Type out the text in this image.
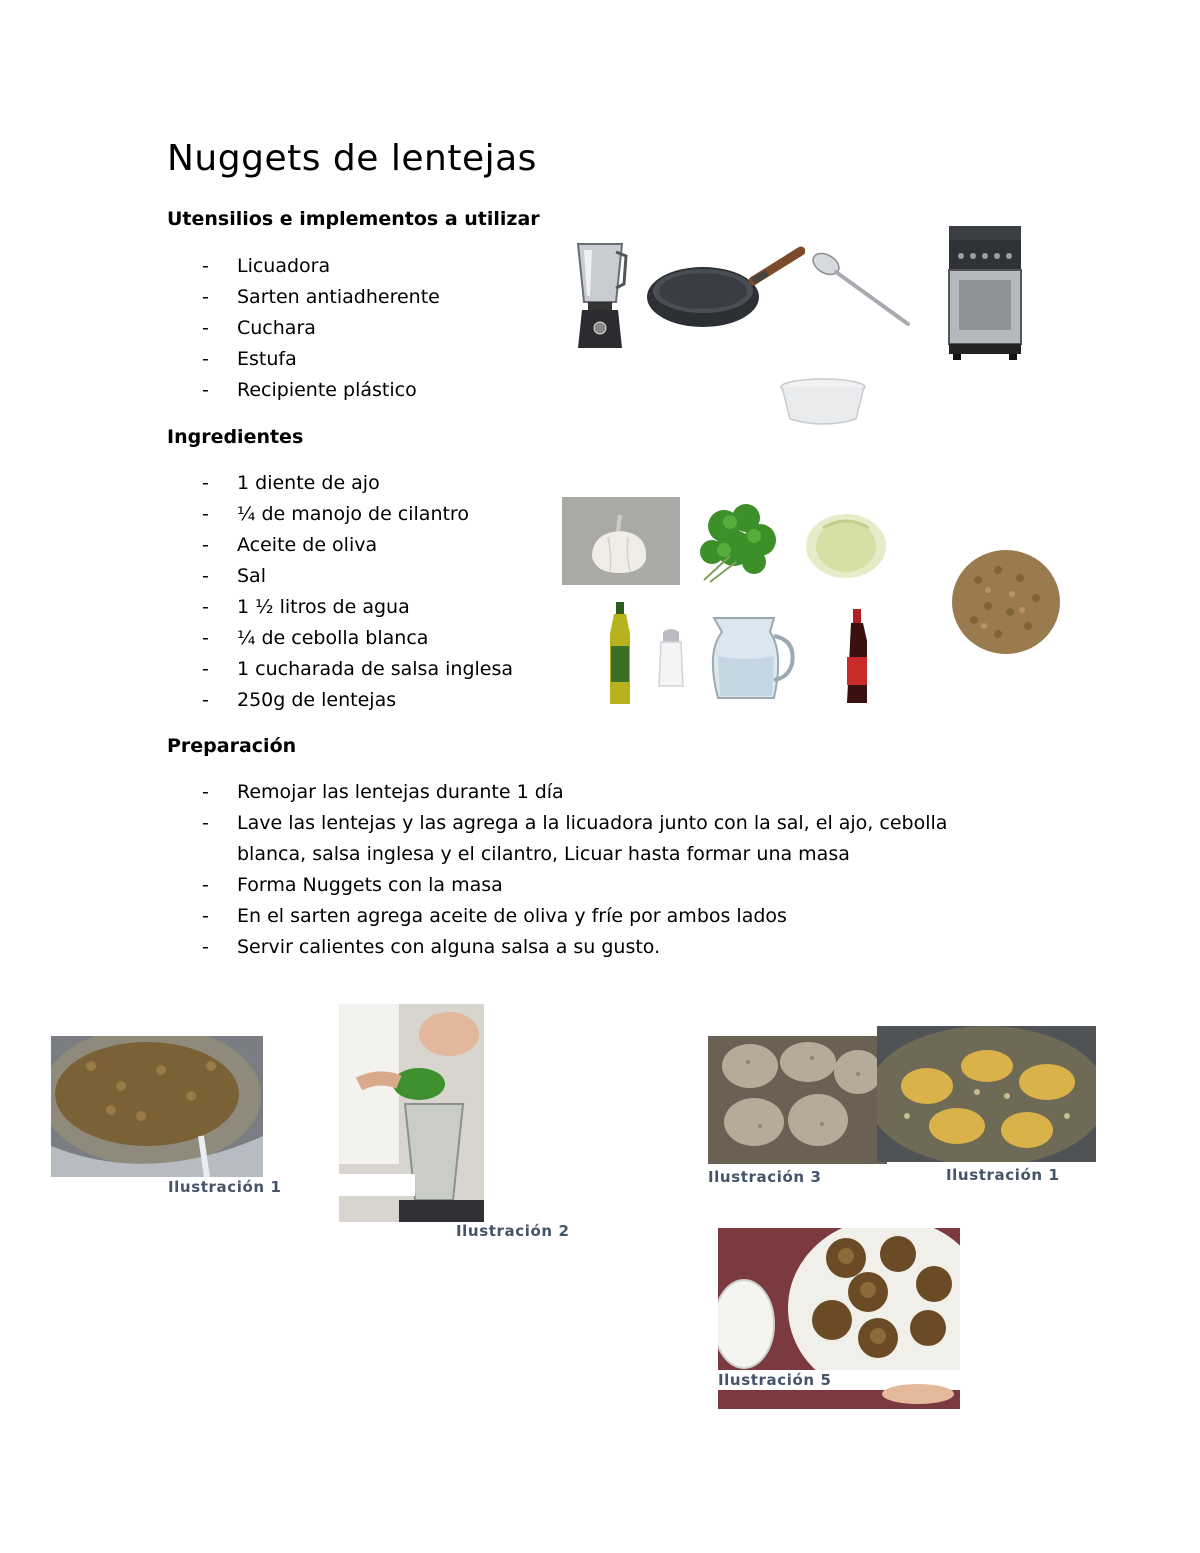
Nuggets de lentejas
Utensilios e implementos a utilizar
- Licuadora
- Sarten antiadherente
- Cuchara
- Estufa
- Recipiente plástico
Ingredientes
- 1 diente de ajo
- ¼ de manojo de cilantro
- Aceite de oliva
- Sal
- 1 ½ litros de agua
- ¼ de cebolla blanca
- 1 cucharada de salsa inglesa
- 250g de lentejas
Preparación
- Remojar las lentejas durante 1 día
- Lave las lentejas y las agrega a la licuadora junto con la sal, el ajo, cebolla blanca, salsa inglesa y el cilantro, Licuar hasta formar una masa
- Forma Nuggets con la masa
- En el sarten agrega aceite de oliva y fríe por ambos lados
- Servir calientes con alguna salsa a su gusto.
Ilustración 1
Ilustración 2
Ilustración 3	Ilustración 1
Ilustración 5
